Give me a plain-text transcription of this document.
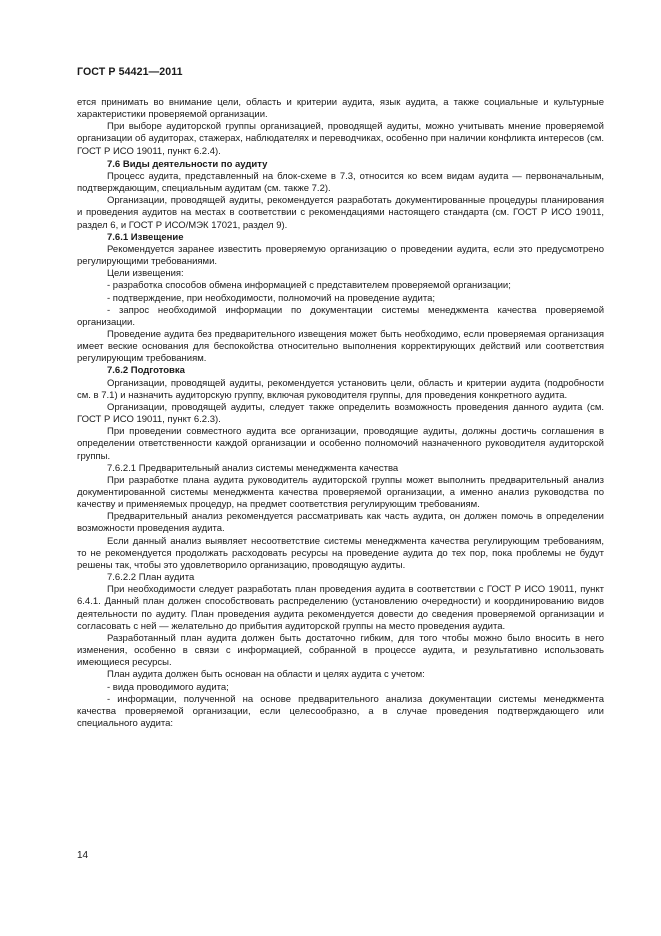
ГОСТ Р 54421—2011

ется принимать во внимание цели, область и критерии аудита, язык аудита, а также социальные и культурные характеристики проверяемой организации.

При выборе аудиторской группы организацией, проводящей аудиты, можно учитывать мнение проверяемой организации об аудиторах, стажерах, наблюдателях и переводчиках, особенно при наличии конфликта интересов (см. ГОСТ Р ИСО 19011, пункт 6.2.4).

7.6 Виды деятельности по аудиту

Процесс аудита, представленный на блок-схеме в 7.3, относится ко всем видам аудита — первоначальным, подтверждающим, специальным аудитам (см. также 7.2).

Организации, проводящей аудиты, рекомендуется разработать документированные процедуры планирования и проведения аудитов на местах в соответствии с рекомендациями настоящего стандарта (см. ГОСТ Р ИСО 19011, раздел 6, и ГОСТ Р ИСО/МЭК 17021, раздел 9).

7.6.1 Извещение

Рекомендуется заранее известить проверяемую организацию о проведении аудита, если это предусмотрено регулирующими требованиями.

Цели извещения:

- разработка способов обмена информацией с представителем проверяемой организации;

- подтверждение, при необходимости, полномочий на проведение аудита;

- запрос необходимой информации по документации системы менеджмента качества проверяемой организации.

Проведение аудита без предварительного извещения может быть необходимо, если проверяемая организация имеет веские основания для беспокойства относительно выполнения корректирующих действий или соответствия регулирующим требованиям.

7.6.2 Подготовка

Организации, проводящей аудиты, рекомендуется установить цели, область и критерии аудита (подробности см. в 7.1) и назначить аудиторскую группу, включая руководителя группы, для проведения конкретного аудита.

Организации, проводящей аудиты, следует также определить возможность проведения данного аудита (см. ГОСТ Р ИСО 19011, пункт 6.2.3).

При проведении совместного аудита все организации, проводящие аудиты, должны достичь соглашения в определении ответственности каждой организации и особенно полномочий назначенного руководителя аудиторской группы.

7.6.2.1 Предварительный анализ системы менеджмента качества

При разработке плана аудита руководитель аудиторской группы может выполнить предварительный анализ документированной системы менеджмента качества проверяемой организации, а именно анализ руководства по качеству и применяемых процедур, на предмет соответствия регулирующим требованиям.

Предварительный анализ рекомендуется рассматривать как часть аудита, он должен помочь в определении возможности проведения аудита.

Если данный анализ выявляет несоответствие системы менеджмента качества регулирующим требованиям, то не рекомендуется продолжать расходовать ресурсы на проведение аудита до тех пор, пока проблемы не будут решены так, чтобы это удовлетворило организацию, проводящую аудиты.

7.6.2.2 План аудита

При необходимости следует разработать план проведения аудита в соответствии с ГОСТ Р ИСО 19011, пункт 6.4.1. Данный план должен способствовать распределению (установлению очередности) и координированию видов деятельности по аудиту. План проведения аудита рекомендуется довести до сведения проверяемой организации и согласовать с ней — желательно до прибытия аудиторской группы на место проведения аудита.

Разработанный план аудита должен быть достаточно гибким, для того чтобы можно было вносить в него изменения, особенно в связи с информацией, собранной в процессе аудита, и результативно использовать имеющиеся ресурсы.

План аудита должен быть основан на области и целях аудита с учетом:

- вида проводимого аудита;

- информации, полученной на основе предварительного анализа документации системы менеджмента качества проверяемой организации, если целесообразно, а в случае проведения подтверждающего или специального аудита:

14
